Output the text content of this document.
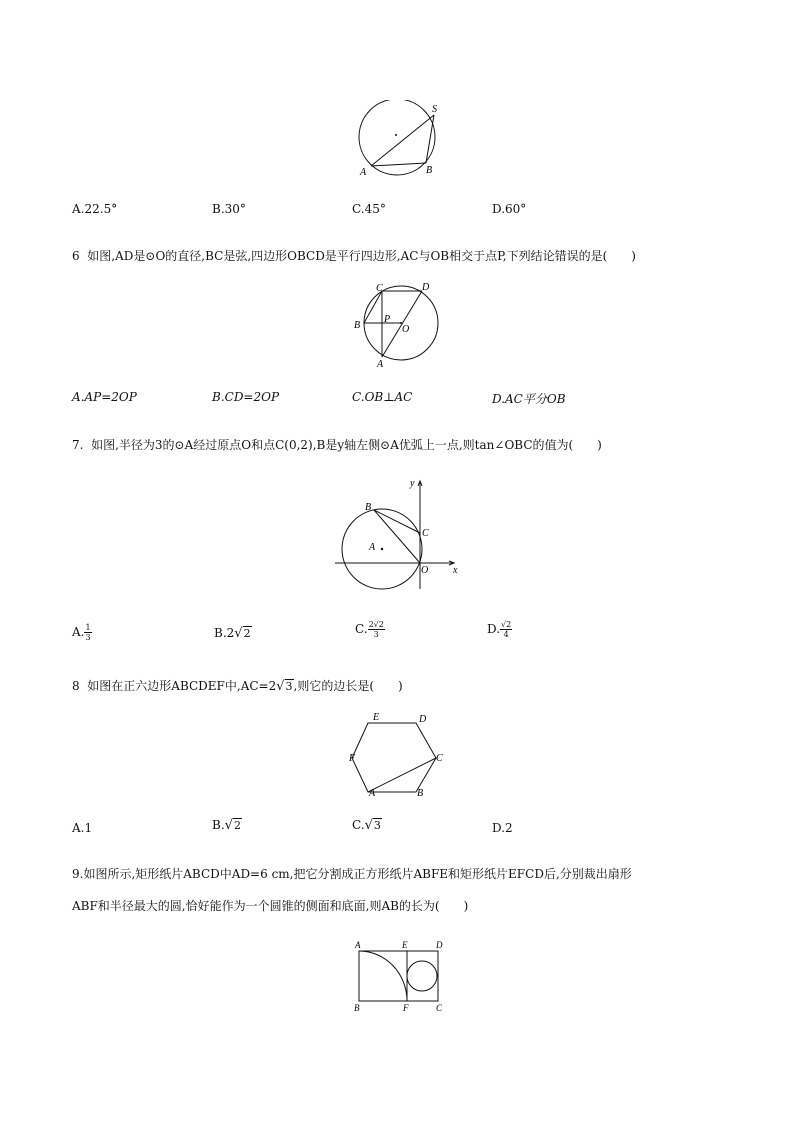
S
A	B
A.22.5°	B.30°	C.45°	D.60°
6 如图,AD是⊙O的直径,BC是弦,四边形OBCD是平行四边形,AC与OB相交于点P,下列结论错误的是(　　)
C	D
B
P
O
A
A.AP=2OP	B.CD=2OP	C.OB⊥AC	D.AC平分OB
7. 如图,半径为3的⊙A经过原点O和点C(0,2),B是y轴左侧⊙A优弧上一点,则tan∠OBC的值为(　　)
y
B
C
A
O x
A. $\frac{1}{3}$	B.2√2	C. $\frac{2√2}{3}$	D. $\frac{√2}{4}$
8 如图在正六边形ABCDEF中,AC=2√3,则它的边长是(　　)
E	D
F	C
A	B
A.1	B.√2	C.√3	D.2
9.如图所示,矩形纸片ABCD中AD=6 cm,把它分割成正方形纸片ABFE和矩形纸片EFCD后,分别裁出扇形
ABF和半径最大的圆,恰好能作为一个圆锥的侧面和底面,则AB的长为(　　)
A	E	D
B	F	C
